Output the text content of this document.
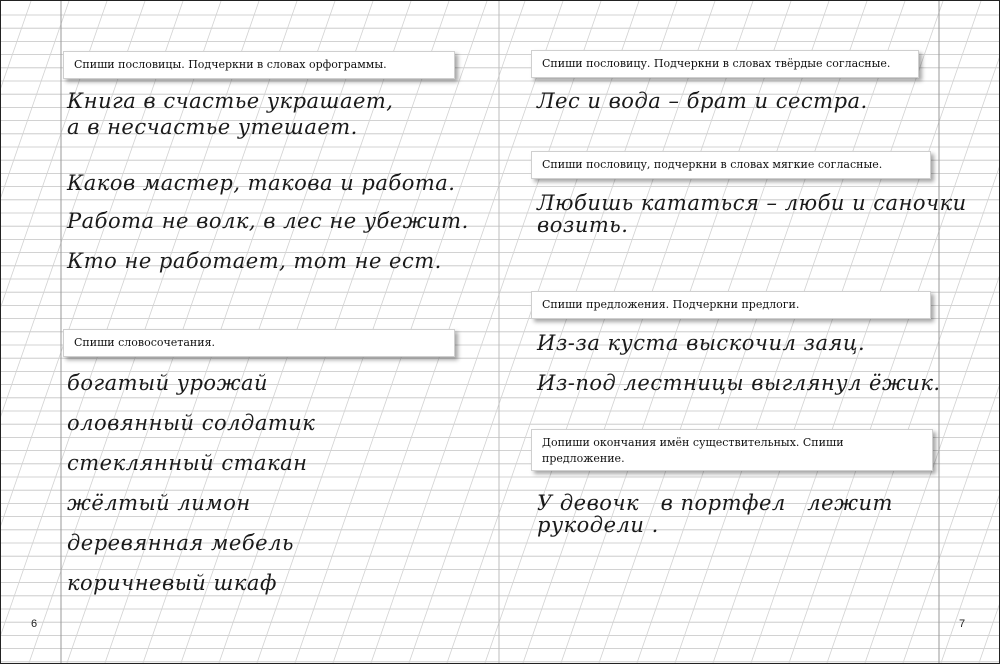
Спиши пословицы. Подчеркни в словах орфограммы.
Книга в счастье украшает,
а в несчастье утешает.
Каков мастер, такова и работа.
Работа не волк, в лес не убежит.
Кто не работает, тот не ест.
Спиши словосочетания.
богатый урожай
оловянный солдатик
стеклянный стакан
жёлтый лимон
деревянная мебель
коричневый шкаф
6
Спиши пословицу. Подчеркни в словах твёрдые согласные.
Лес и вода – брат и сестра.
Спиши пословицу, подчеркни в словах мягкие согласные.
Любишь кататься – люби и саночки
возить.
Спиши предложения. Подчеркни предлоги.
Из-за куста выскочил заяц.
Из-под лестницы выглянул ёжик.
Допиши окончания имён существительных. Спиши
предложение.
У девочк   в портфел   лежит
рукодели .
7
